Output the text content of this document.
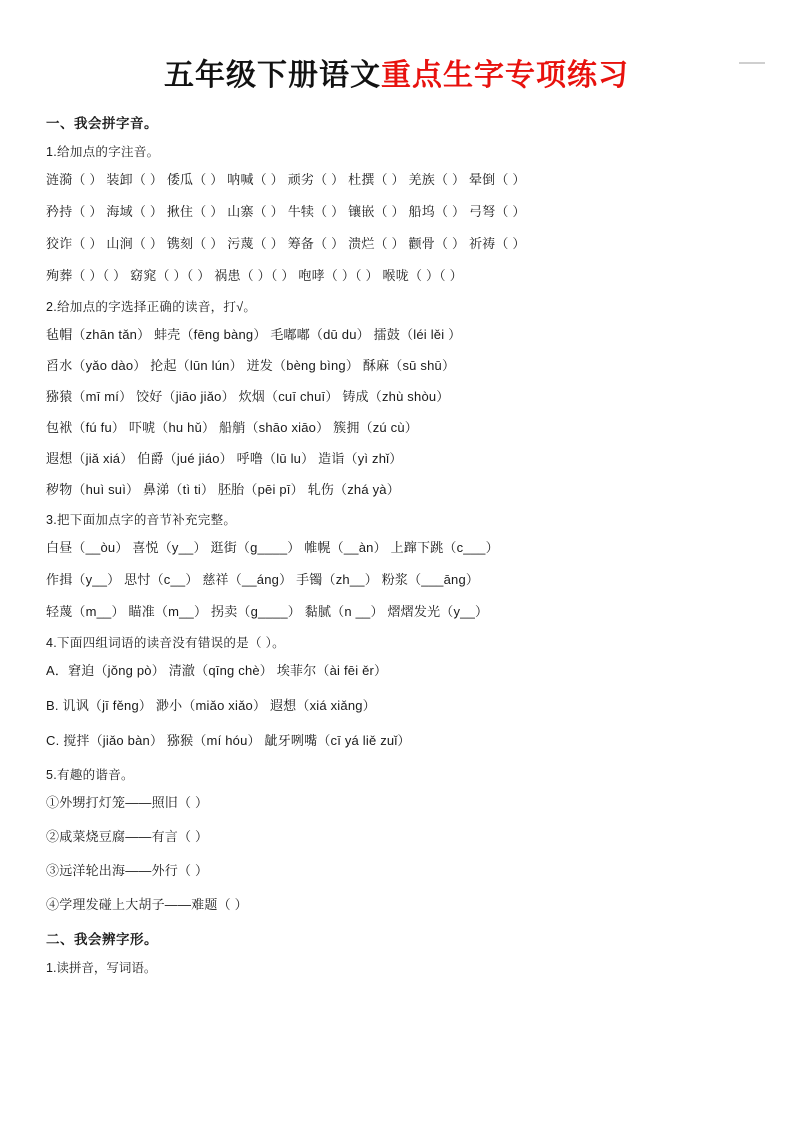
五年级下册语文重点生字专项练习
一、我会拼字音。
1.给加点的字注音。
涟漪（ ） 装卸（ ） 倭瓜（ ） 呐喊（ ） 顽劣（ ） 杜撰（ ） 羌族（ ） 晕倒（ ）
矜持（ ） 海域（ ） 揪住（ ） 山寨（ ） 牛犊（ ） 镶嵌（ ） 船坞（ ） 弓弩（ ）
狡诈（ ） 山涧（ ） 镌刻（ ） 污蔑（ ） 筹备（ ） 溃烂（ ） 颧骨（ ） 祈祷（ ）
殉葬（ ）（ ） 窈窕（ ）（ ） 祸患（ ）（ ） 咆哮（ ）（ ） 喉咙（ ）（ ）
2.给加点的字选择正确的读音，打√。
毡帽（zhān tǎn） 蚌壳（fēng bàng） 毛嘟嘟（dū du） 擂鼓（léi lěi ）
舀水（yǎo dào） 抡起（lūn lún） 迸发（bèng bìng） 酥麻（sū shū）
猕猿（mī mí） 饺好（jiāo jiǎo） 炊烟（cuī chuī） 铸成（zhù shòu）
包袱（fú fu） 吓唬（hu hǔ） 船艄（shāo xiāo） 簇拥（zú cù）
遐想（jiǎ xiá） 伯爵（jué jiáo） 呼噜（lū lu） 造诣（yì zhǐ）
秽物（huì suì） 鼻涕（tì ti） 胚胎（pēi pī） 轧伤（zhá yà）
3.把下面加点字的音节补充完整。
白昼（__òu） 喜悦（y__） 逛街（g____） 帷幌（__àn） 上蹿下跳（c___）
作揖（y__） 思忖（c__） 慈祥（__áng） 手镯（zh__） 粉浆（___āng）
轻蔑（m__） 瞄准（m__） 拐卖（g____） 黏腻（n __） 熠熠发光（y__）
4.下面四组词语的读音没有错误的是（ ）。
A．窘迫（jǒng pò） 清澈（qīng chè） 埃菲尔（ài fēi ěr）
B. 讥讽（jī fěng） 渺小（miǎo xiǎo） 遐想（xiá xiǎng）
C. 搅拌（jiǎo bàn） 猕猴（mí hóu） 龇牙咧嘴（cī yá liě zuǐ）
5.有趣的谐音。
①外甥打灯笼——照旧（ ）
②咸菜烧豆腐——有言（ ）
③远洋轮出海——外行（ ）
④学理发碰上大胡子——难题（ ）
二、我会辨字形。
1.读拼音，写词语。
